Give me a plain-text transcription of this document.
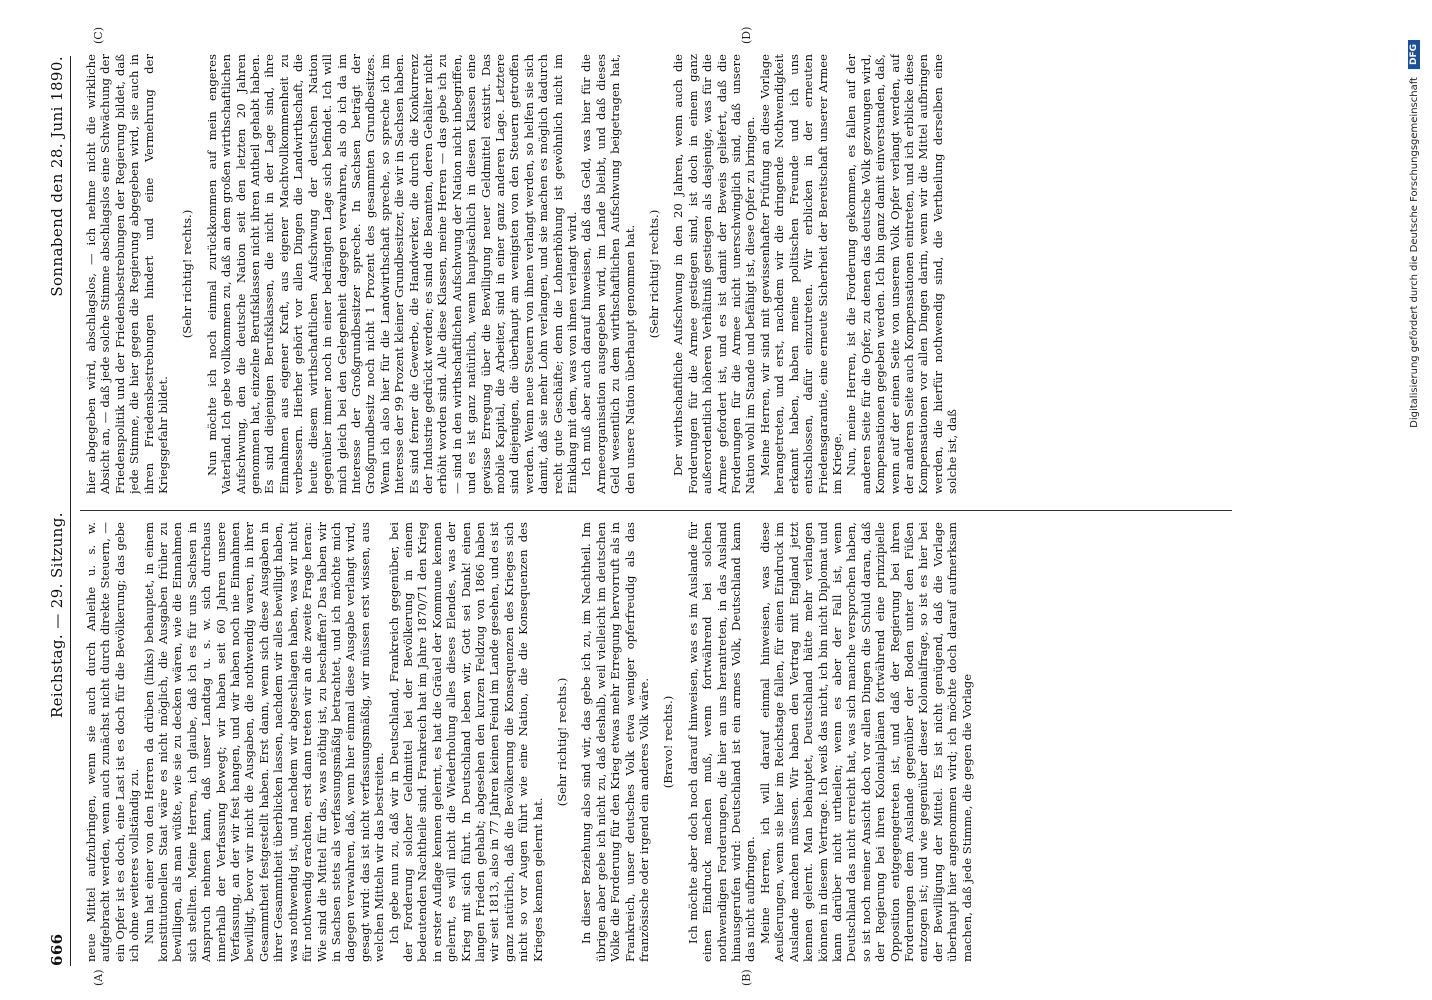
666
Reichstag. — 29. Sitzung.
Sonnabend den 28. Juni 1890.
(A)	(B)
(C)	(D)

neue Mittel aufzubringen, wenn sie auch durch Anleihe u. s. w. aufgebracht werden, wenn auch zunächst nicht durch direkte Steuern, — ein Opfer ist es doch, eine Last ist es doch für die Bevölkerung; das gebe ich ohne weiteres vollständig zu. Nun hat einer von den Herren da drüben (links) behauptet, in einem konstitutionellen Staat wäre es nicht möglich, die Ausgaben früher zu bewilligen, als man wüßte, wie sie zu decken wären, wie die Einnahmen sich stellten. Meine Herren, ich glaube, daß ich es für uns Sachsen in Anspruch nehmen kann, daß unser Landtag u. s. w. sich durchaus innerhalb der Verfassung bewegt; wir haben seit 60 Jahren unsere Verfassung, an der wir fest hangen, und wir haben noch nie Einnahmen bewilligt, bevor wir nicht die Ausgaben, die nothwendig waren, in ihrer Gesammtheit festgestellt haben. Erst dann, wenn sich diese Ausgaben in ihrer Gesammtheit überblicken lassen, nachdem wir alles bewilligt haben, was nothwendig ist, und nachdem wir abgeschlagen haben, was wir nicht für nothwendig erachten, erst dann treten wir an die zweite Frage heran: Wie sind die Mittel für das, was nöthig ist, zu beschaffen? Das haben wir in Sachsen stets als verfassungsmäßig betrachtet, und ich möchte mich dagegen verwahren, daß, wenn hier einmal diese Ausgabe verlangt wird, gesagt wird: das ist nicht verfassungsmäßig, wir müssen erst wissen, aus welchen Mitteln wir das bestreiten. Ich gebe nun zu, daß wir in Deutschland, Frankreich gegenüber, bei der Forderung solcher Geldmittel bei der Bevölkerung in einem bedeutenden Nachtheile sind. Frankreich hat im Jahre 1870/71 den Krieg in erster Auflage kennen gelernt, es hat die Gräuel der Kommune kennen gelernt, es will nicht die Wiederholung alles dieses Elendes, was der Krieg mit sich führt. In Deutschland leben wir, Gott sei Dank! einen langen Frieden gehabt; abgesehen den kurzen Feldzug von 1866 haben wir seit 1813, also in 77 Jahren keinen Feind im Lande gesehen, und es ist ganz natürlich, daß die Bevölkerung die Konsequenzen des Krieges sich nicht so vor Augen führt wie eine Nation, die die Konsequenzen des Krieges kennen gelernt hat.

(Sehr richtig! rechts.) In dieser Beziehung also sind wir, das gebe ich zu, im Nachtheil. Im übrigen aber gebe ich nicht zu, daß deshalb, weil vielleicht im deutschen Volke die Forderung für den Krieg etwas mehr Erregung hervorruft als in Frankreich, unser deutsches Volk etwa weniger opferfreudig als das französische oder irgend ein anderes Volk wäre. (Bravo! rechts.) Ich möchte aber doch noch darauf hinweisen, was es im Auslande für einen Eindruck machen muß, wenn fortwährend bei solchen nothwendigen Forderungen, die hier an uns herantreten, in das Ausland hinausgerufen wird: Deutschland ist ein armes Volk, Deutschland kann das nicht aufbringen. Meine Herren, ich will darauf einmal hinweisen, was diese Aeußerungen, wenn sie hier im Reichstage fallen, für einen Eindruck im Auslande machen müssen. Wir haben den Vertrag mit England jetzt kennen gelernt. Man behauptet, Deutschland hätte mehr verlangen können in diesem Vertrage. Ich weiß das nicht, ich bin nicht Diplomat und kann darüber nicht urtheilen; wenn es aber der Fall ist, wenn Deutschland das nicht erreicht hat, was sich manche versprochen haben, so ist noch meiner Ansicht doch vor allen Dingen die Schuld daran, daß der Regierung bei ihren Kolonialplänen fortwährend eine prinzipielle Opposition entgegengetreten ist, und daß der Regierung bei ihren Forderungen dem Auslande gegenüber der Boden unter den Füßen entzogen ist; und wie gegenüber dieser Kolonialfrage, so ist es hier bei der Bewilligung der Mittel. Es ist nicht genügend, daß die Vorlage überhaupt hier angenommen wird; ich möchte doch darauf aufmerksam machen, daß jede Stimme, die gegen die Vorlage

hier abgegeben wird, abschlagslos, — ich nehme nicht die wirkliche Absicht an, — daß jede solche Stimme abschlagslos eine Schwächung der Friedenspolitik und der Friedensbestrebungen der Regierung bildet, daß jede Stimme, die hier gegen die Regierung abgegeben wird, sie auch in ihren Friedensbestrebungen hindert und eine Vermehrung der Kriegsgefahr bildet.

(Sehr richtig! rechts.) Nun möchte ich noch einmal zurückkommen auf mein engeres Vaterland. Ich gebe vollkommen zu, daß an dem großen wirthschaftlichen Aufschwung, den die deutsche Nation seit den letzten 20 Jahren genommen hat, einzelne Berufsklassen nicht ihren Antheil gehabt haben. Es sind diejenigen Berufsklassen, die nicht in der Lage sind, ihre Einnahmen aus eigener Kraft, aus eigener Machtvollkommenheit zu verbessern. Hierher gehört vor allen Dingen die Landwirthschaft, die heute diesem wirthschaftlichen Aufschwung der deutschen Nation gegenüber immer noch in einer bedrängten Lage sich befindet. Ich will mich gleich bei den Gelegenheit dagegen verwahren, als ob ich da im Interesse der Großgrundbesitzer spreche. In Sachsen beträgt der Großgrundbesitz noch nicht 1 Prozent des gesammten Grundbesitzes. Wenn ich also hier für die Landwirthschaft spreche, so spreche ich im Interesse der 99 Prozent kleiner Grundbesitzer, die wir in Sachsen haben. Es sind ferner die Gewerbe, die Handwerker, die durch die Konkurrenz der Industrie gedrückt werden; es sind die Beamten, deren Gehälter nicht erhöht worden sind. Alle diese Klassen, meine Herren — das gebe ich zu — sind in den wirthschaftlichen Aufschwung der Nation nicht inbegriffen, und es ist ganz natürlich, wenn hauptsächlich in diesen Klassen eine gewisse Erregung über die Bewilligung neuer Geldmittel existirt. Das mobile Kapital, die Arbeiter, sind in einer ganz anderen Lage. Letztere sind diejenigen, die überhaupt am wenigsten von den Steuern getroffen werden. Wenn neue Steuern von ihnen verlangt werden, so helfen sie sich damit, daß sie mehr Lohn verlangen, und sie machen es möglich dadurch recht gute Geschäfte; denn die Lohnerhöhung ist gewöhnlich nicht im Einklang mit dem, was von ihnen verlangt wird. Ich muß aber auch darauf hinweisen, daß das Geld, was hier für die Armeeorganisation ausgegeben wird, im Lande bleibt, und daß dieses Geld wesentlich zu dem wirthschaftlichen Aufschwung beigetragen hat, den unsere Nation überhaupt genommen hat. (Sehr richtig! rechts.) Der wirthschaftliche Aufschwung in den 20 Jahren, wenn auch die Forderungen für die Armee gestiegen sind, ist doch in einem ganz außerordentlich höheren Verhältniß gestiegen als dasjenige, was für die Armee gefordert ist, und es ist damit der Beweis geliefert, daß die Forderungen für die Armee nicht unerschwinglich sind, daß unsere Nation wohl im Stande und befähigt ist, diese Opfer zu bringen. Meine Herren, wir sind mit gewissenhafter Prüfung an diese Vorlage herangetreten, und erst, nachdem wir die dringende Nothwendigkeit erkannt haben, haben meine politischen Freunde und ich uns entschlossen, dafür einzutreten. Wir erblicken in der erneuten Friedensgarantie, eine erneute Sicherheit der Bereitschaft unserer Armee im Kriege. Nun, meine Herren, ist die Forderung gekommen, es fallen auf der anderen Seite für die Opfer, zu denen das deutsche Volk gezwungen wird, Kompensationen gegeben werden. Ich bin ganz damit einverstanden, daß, wenn auf der einen Seite von unserem Volk Opfer verlangt werden, auf der anderen Seite auch Kompensationen eintreten, und ich erblicke diese Kompensationen vor allen Dingen darin, wenn wir die Mittel aufbringen werden, die hierfür nothwendig sind, die Vertheilung derselben eine solche ist, daß

Digitalisierung gefördert durch die Deutsche Forschungsgemeinschaft
DFG
